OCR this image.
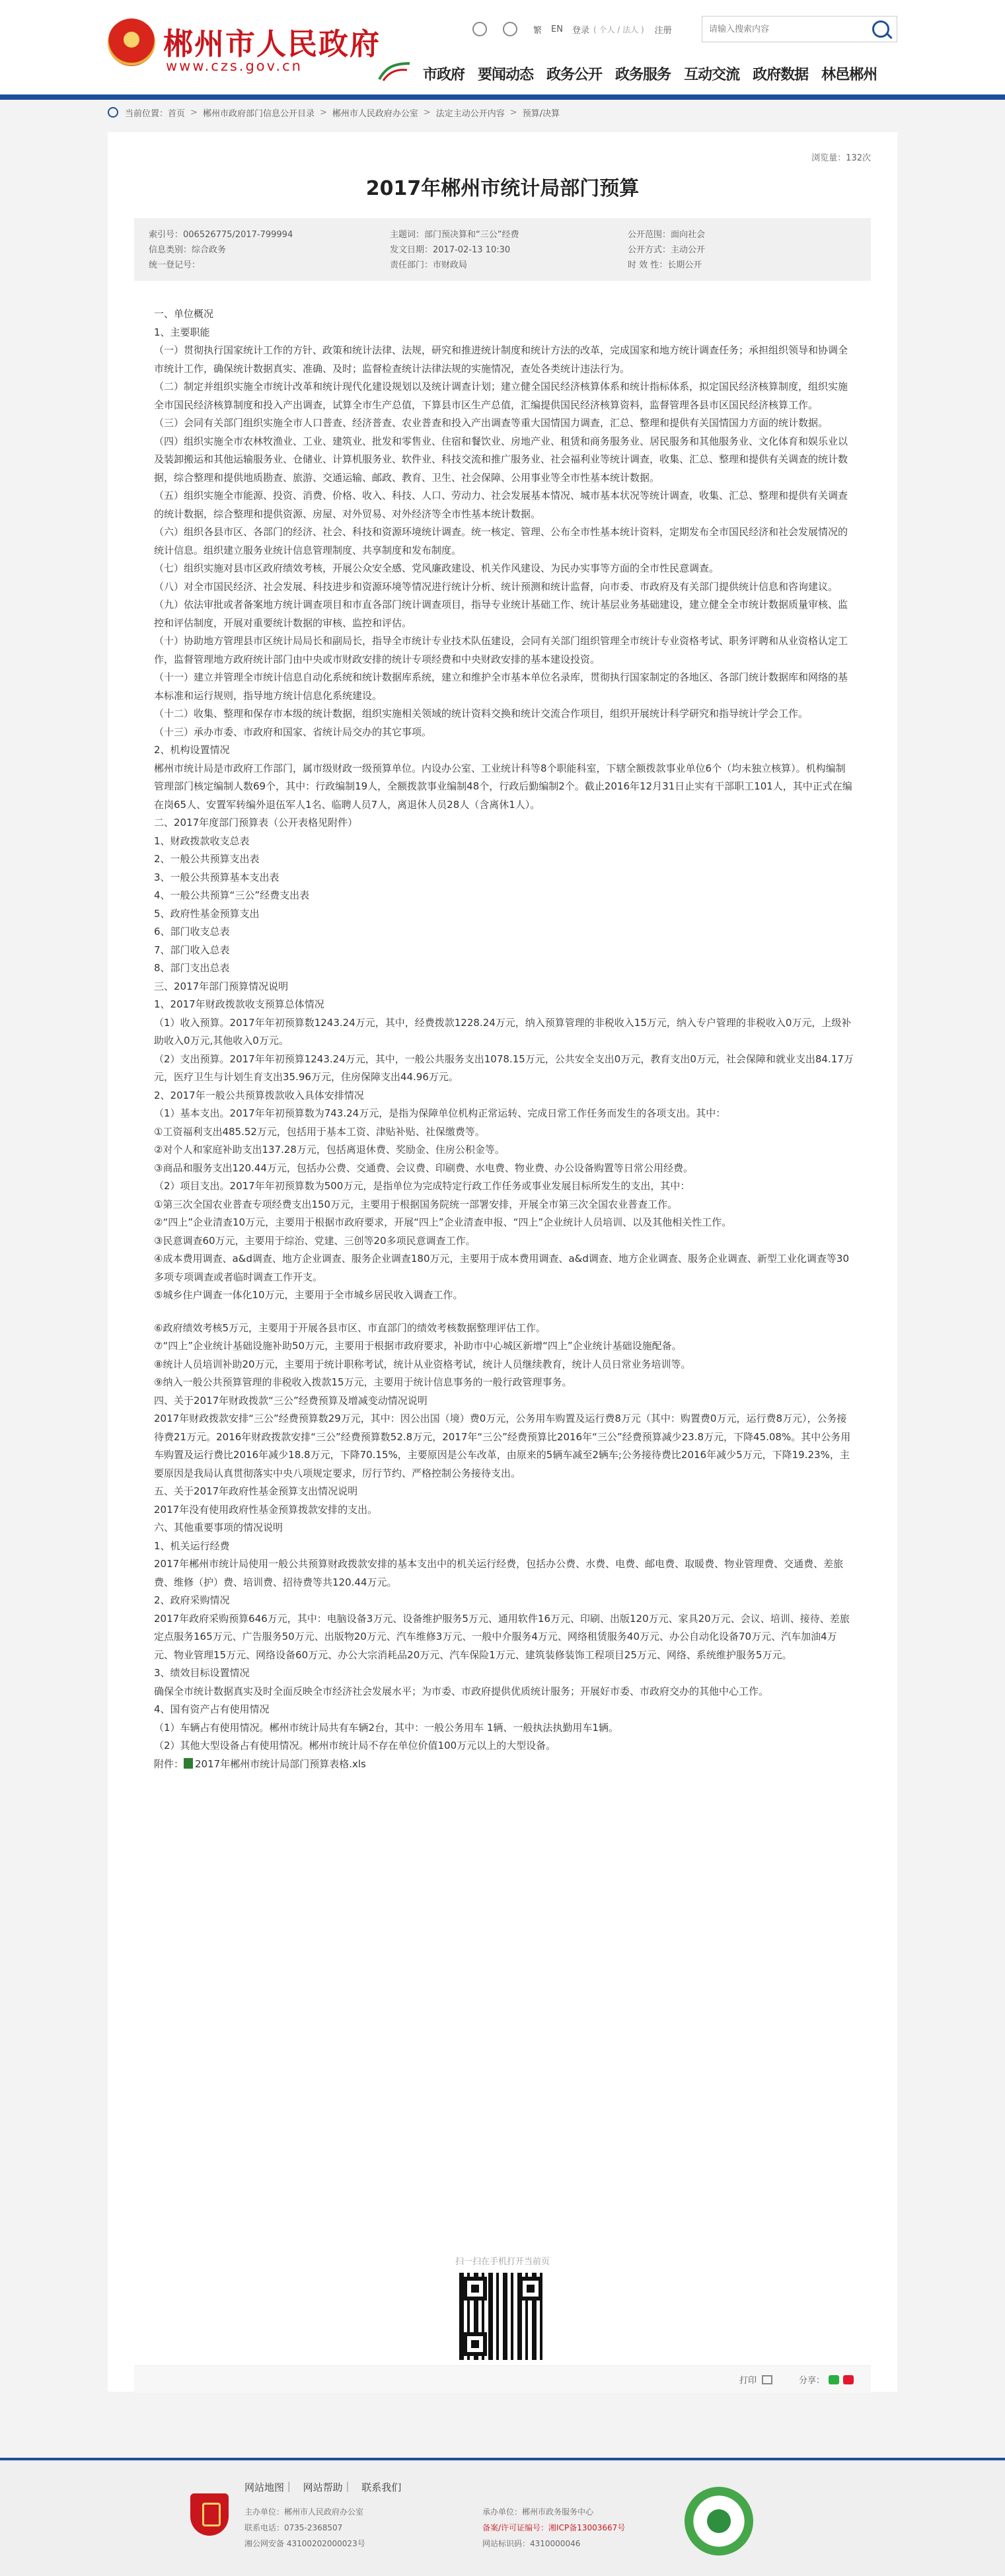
郴州市人民政府
www.czs.gov.cn
繁 EN 登录 ( 个人 / 法人 ) 注册
请输入搜索内容
市政府 要闻动态 政务公开 政务服务 互动交流 政府数据 林邑郴州
当前位置： 首页 > 郴州市政府部门信息公开目录 > 郴州市人民政府办公室 > 法定主动公开内容 > 预算/决算
浏览量：132次
2017年郴州市统计局部门预算
索引号：006526775/2017-799994	主题词：部门预决算和“三公”经费	公开范围：面向社会
信息类别：综合政务	发文日期：2017-02-13 10:30	公开方式：主动公开
统一登记号：	责任部门：市财政局	时 效 性：长期公开

一、单位概况

1、主要职能

（一）贯彻执行国家统计工作的方针、政策和统计法律、法规，研究和推进统计制度和统计方法的改革，完成国家和地方统计调查任务；承担组织领导和协调全市统计工作，确保统计数据真实、准确、及时；监督检查统计法律法规的实施情况，查处各类统计违法行为。

（二）制定并组织实施全市统计改革和统计现代化建设规划以及统计调查计划；建立健全国民经济核算体系和统计指标体系，拟定国民经济核算制度，组织实施全市国民经济核算制度和投入产出调查，试算全市生产总值，下算县市区生产总值，汇编提供国民经济核算资料，监督管理各县市区国民经济核算工作。

（三）会同有关部门组织实施全市人口普查、经济普查、农业普查和投入产出调查等重大国情国力调查，汇总、整理和提供有关国情国力方面的统计数据。

（四）组织实施全市农林牧渔业、工业、建筑业、批发和零售业、住宿和餐饮业、房地产业、租赁和商务服务业、居民服务和其他服务业、文化体育和娱乐业以及装卸搬运和其他运输服务业、仓储业、计算机服务业、软件业、科技交流和推广服务业、社会福利业等统计调查，收集、汇总、整理和提供有关调查的统计数据，综合整理和提供地质勘查、旅游、交通运输、邮政、教育、卫生、社会保障、公用事业等全市性基本统计数据。

（五）组织实施全市能源、投资、消费、价格、收入、科技、人口、劳动力、社会发展基本情况、城市基本状况等统计调查，收集、汇总、整理和提供有关调查的统计数据，综合整理和提供资源、房屋、对外贸易、对外经济等全市性基本统计数据。

（六）组织各县市区、各部门的经济、社会、科技和资源环境统计调查。统一核定、管理、公布全市性基本统计资料，定期发布全市国民经济和社会发展情况的统计信息。组织建立服务业统计信息管理制度、共享制度和发布制度。

（七）组织实施对县市区政府绩效考核，开展公众安全感、党风廉政建设、机关作风建设、为民办实事等方面的全市性民意调查。

（八）对全市国民经济、社会发展、科技进步和资源环境等情况进行统计分析、统计预测和统计监督，向市委、市政府及有关部门提供统计信息和咨询建议。

（九）依法审批或者备案地方统计调查项目和市直各部门统计调查项目，指导专业统计基础工作、统计基层业务基础建设，建立健全全市统计数据质量审核、监控和评估制度，开展对重要统计数据的审核、监控和评估。

（十）协助地方管理县市区统计局局长和副局长，指导全市统计专业技术队伍建设，会同有关部门组织管理全市统计专业资格考试、职务评聘和从业资格认定工作，监督管理地方政府统计部门由中央或市财政安排的统计专项经费和中央财政安排的基本建设投资。

（十一）建立并管理全市统计信息自动化系统和统计数据库系统，建立和维护全市基本单位名录库，贯彻执行国家制定的各地区、各部门统计数据库和网络的基本标准和运行规则，指导地方统计信息化系统建设。

（十二）收集、整理和保存市本级的统计数据，组织实施相关领域的统计资料交换和统计交流合作项目，组织开展统计科学研究和指导统计学会工作。

（十三）承办市委、市政府和国家、省统计局交办的其它事项。

2、机构设置情况

郴州市统计局是市政府工作部门，属市级财政一级预算单位。内设办公室、工业统计科等8个职能科室，下辖全额拨款事业单位6个（均未独立核算）。机构编制管理部门核定编制人数69个，其中：行政编制19人，全额拨款事业编制48个，行政后勤编制2个。截止2016年12月31日止实有干部职工101人，其中正式在编在岗65人、安置军转编外退伍军人1名、临聘人员7人，离退休人员28人（含离休1人）。

二、2017年度部门预算表（公开表格见附件）

1、财政拨款收支总表

2、一般公共预算支出表

3、一般公共预算基本支出表

4、一般公共预算“三公”经费支出表

5、政府性基金预算支出

6、部门收支总表

7、部门收入总表

8、部门支出总表

三、2017年部门预算情况说明

1、2017年财政拨款收支预算总体情况

（1）收入预算。2017年年初预算数1243.24万元，其中，经费拨款1228.24万元，纳入预算管理的非税收入15万元，纳入专户管理的非税收入0万元，上级补助收入0万元,其他收入0万元。

（2）支出预算。2017年年初预算1243.24万元，其中，一般公共服务支出1078.15万元，公共安全支出0万元，教育支出0万元，社会保障和就业支出84.17万元，医疗卫生与计划生育支出35.96万元，住房保障支出44.96万元。

2、2017年一般公共预算拨款收入具体安排情况

（1）基本支出。2017年年初预算数为743.24万元，是指为保障单位机构正常运转、完成日常工作任务而发生的各项支出。其中：

①工资福利支出485.52万元，包括用于基本工资、津贴补贴、社保缴费等。

②对个人和家庭补助支出137.28万元，包括离退休费、奖励金、住房公积金等。

③商品和服务支出120.44万元，包括办公费、交通费、会议费、印刷费、水电费、物业费、办公设备购置等日常公用经费。

（2）项目支出。2017年年初预算数为500万元，是指单位为完成特定行政工作任务或事业发展目标所发生的支出，其中：

①第三次全国农业普查专项经费支出150万元，主要用于根据国务院统一部署安排，开展全市第三次全国农业普查工作。

②“四上”企业清查10万元，主要用于根据市政府要求，开展“四上”企业清查申报、“四上”企业统计人员培训、以及其他相关性工作。

③民意调查60万元，主要用于综治、党建、三创等20多项民意调查工作。

④成本费用调查、a&d调查、地方企业调查、服务企业调查180万元，主要用于成本费用调查、a&d调查、地方企业调查、服务企业调查、新型工业化调查等30多项专项调查或者临时调查工作开支。

⑤城乡住户调查一体化10万元，主要用于全市城乡居民收入调查工作。

⑥政府绩效考核5万元，主要用于开展各县市区、市直部门的绩效考核数据整理评估工作。

⑦“四上”企业统计基础设施补助50万元，主要用于根据市政府要求，补助市中心城区新增“四上”企业统计基础设施配备。

⑧统计人员培训补助20万元，主要用于统计职称考试，统计从业资格考试，统计人员继续教育，统计人员日常业务培训等。

⑨纳入一般公共预算管理的非税收入拨款15万元，主要用于统计信息事务的一般行政管理事务。

四、关于2017年财政拨款“三公”经费预算及增减变动情况说明

2017年财政拨款安排“三公”经费预算数29万元，其中：因公出国（境）费0万元，公务用车购置及运行费8万元（其中：购置费0万元，运行费8万元），公务接待费21万元。2016年财政拨款安排“三公”经费预算数52.8万元，2017年“三公”经费预算比2016年“三公”经费预算减少23.8万元，下降45.08%。其中公务用车购置及运行费比2016年减少18.8万元，下降70.15%，主要原因是公车改革，由原来的5辆车减至2辆车;公务接待费比2016年减少5万元，下降19.23%，主要原因是我局认真贯彻落实中央八项规定要求，厉行节约、严格控制公务接待支出。

五、关于2017年政府性基金预算支出情况说明

2017年没有使用政府性基金预算拨款安排的支出。

六、其他重要事项的情况说明

1、机关运行经费

2017年郴州市统计局使用一般公共预算财政拨款安排的基本支出中的机关运行经费，包括办公费、水费、电费、邮电费、取暖费、物业管理费、交通费、差旅费、维修（护）费、培训费、招待费等共120.44万元。

2、政府采购情况

2017年政府采购预算646万元，其中：电脑设备3万元、设备维护服务5万元、通用软件16万元、印刷、出版120万元、家具20万元、会议、培训、接待、差旅定点服务165万元、广告服务50万元、出版物20万元、汽车维修3万元、一般中介服务4万元、网络租赁服务40万元、办公自动化设备70万元、汽车加油4万元、物业管理15万元、网络设备60万元、办公大宗消耗品20万元、汽车保险1万元、建筑装修装饰工程项目25万元、网络、系统维护服务5万元。

3、绩效目标设置情况

确保全市统计数据真实及时全面反映全市经济社会发展水平；为市委、市政府提供优质统计服务；开展好市委、市政府交办的其他中心工作。

4、国有资产占有使用情况

（1）车辆占有使用情况。郴州市统计局共有车辆2台，其中：一般公务用车 1辆、一般执法执勤用车1辆。

（2）其他大型设备占有使用情况。郴州市统计局不存在单位价值100万元以上的大型设备。

附件： 2017年郴州市统计局部门预算表格.xls

扫一扫在手机打开当前页
打印	分享：
网站地图 | 网站帮助 | 联系我们
主办单位：郴州市人民政府办公室	承办单位：郴州市政务服务中心
联系电话：0735-2368507	备案/许可证编号：湘ICP备13003667号
湘公网安备 43100202000023号	网站标识码：4310000046
